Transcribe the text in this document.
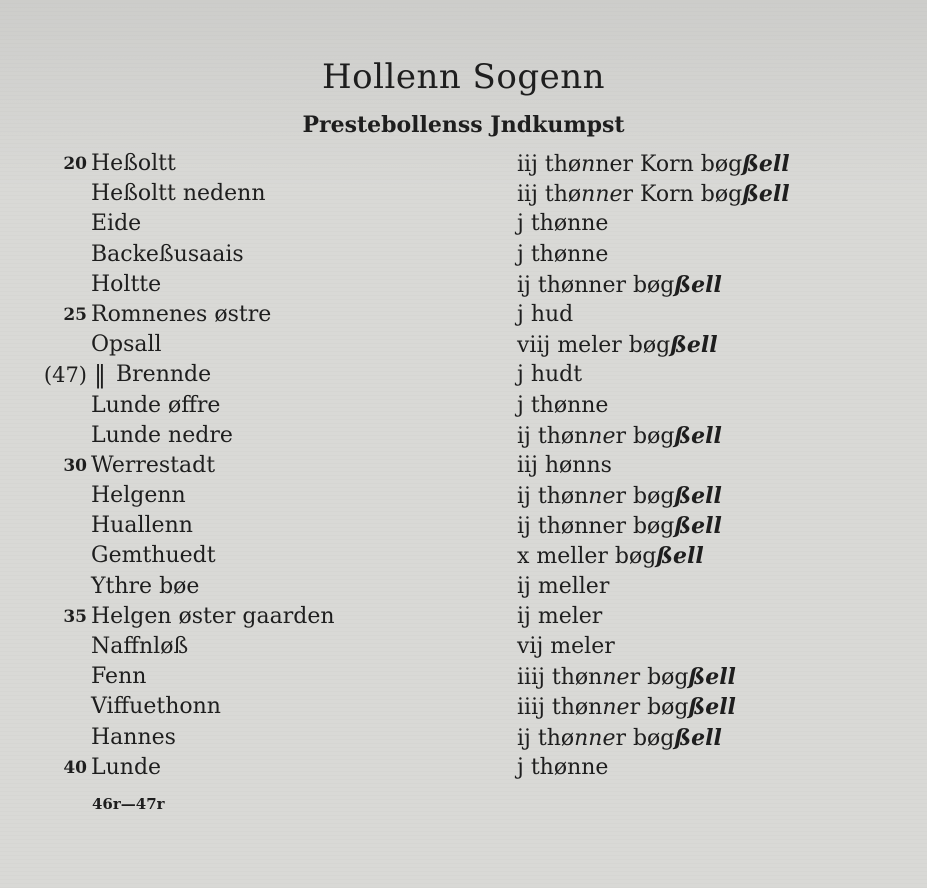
Hollenn Sogenn
Prestebollenss Jndkumpst
20 Heßoltt	iij thønner Korn bøgßell
Heßoltt nedenn	iij thønner Korn bøgßell
Eide	j thønne
Backeßusaais	j thønne
Holtte	ij thønner bøgßell
25 Romnenes østre	j hud
Opsall	viij meler bøgßell
(47) ‖ Brennde	j hudt
Lunde øffre	j thønne
Lunde nedre	ij thønner bøgßell
30 Werrestadt	iij hønns
Helgenn	ij thønner bøgßell
Huallenn	ij thønner bøgßell
Gemthuedt	x meller bøgßell
Ythre bøe	ij meller
35 Helgen øster gaarden	ij meler
Naffnløß	vij meler
Fenn	iiij thønner bøgßell
Viffuethonn	iiij thønner bøgßell
Hannes	ij thønner bøgßell
40 Lunde	j thønne
46r—47r
